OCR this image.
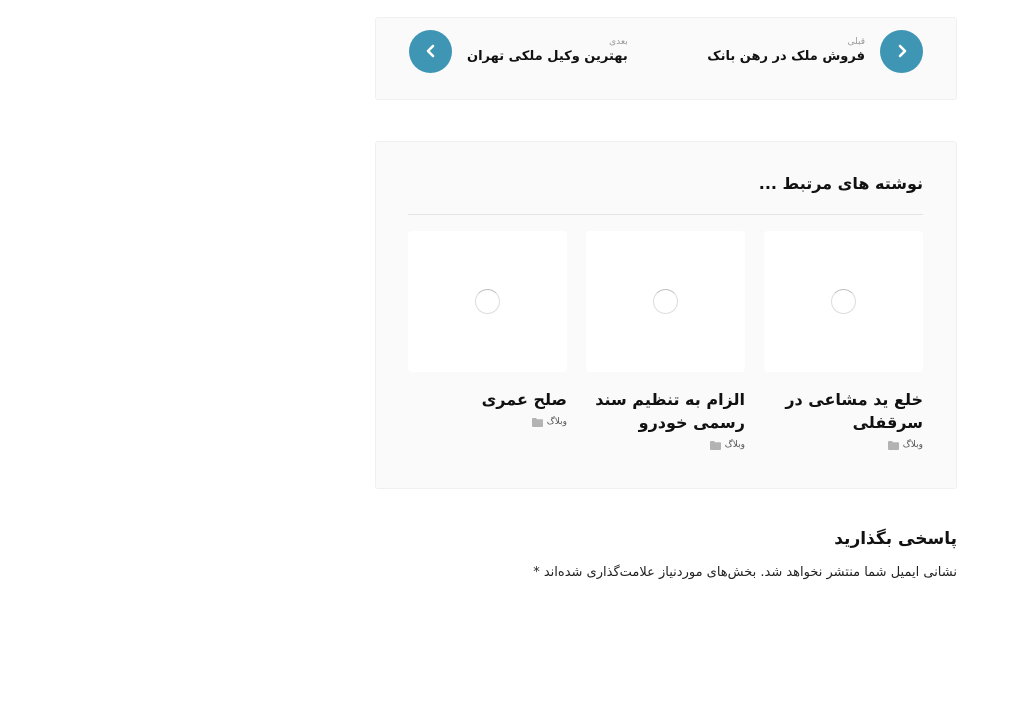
قبلی
فروش ملک در رهن بانک
بعدی
بهترین وکیل ملکی تهران
نوشته های مرتبط ...
خلع ید مشاعی در سرقفلی
وبلاگ
الزام به تنظیم سند رسمی خودرو
وبلاگ
صلح عمری
وبلاگ
پاسخی بگذارید
نشانی ایمیل شما منتشر نخواهد شد. بخش‌های موردنیاز علامت‌گذاری شده‌اند *
